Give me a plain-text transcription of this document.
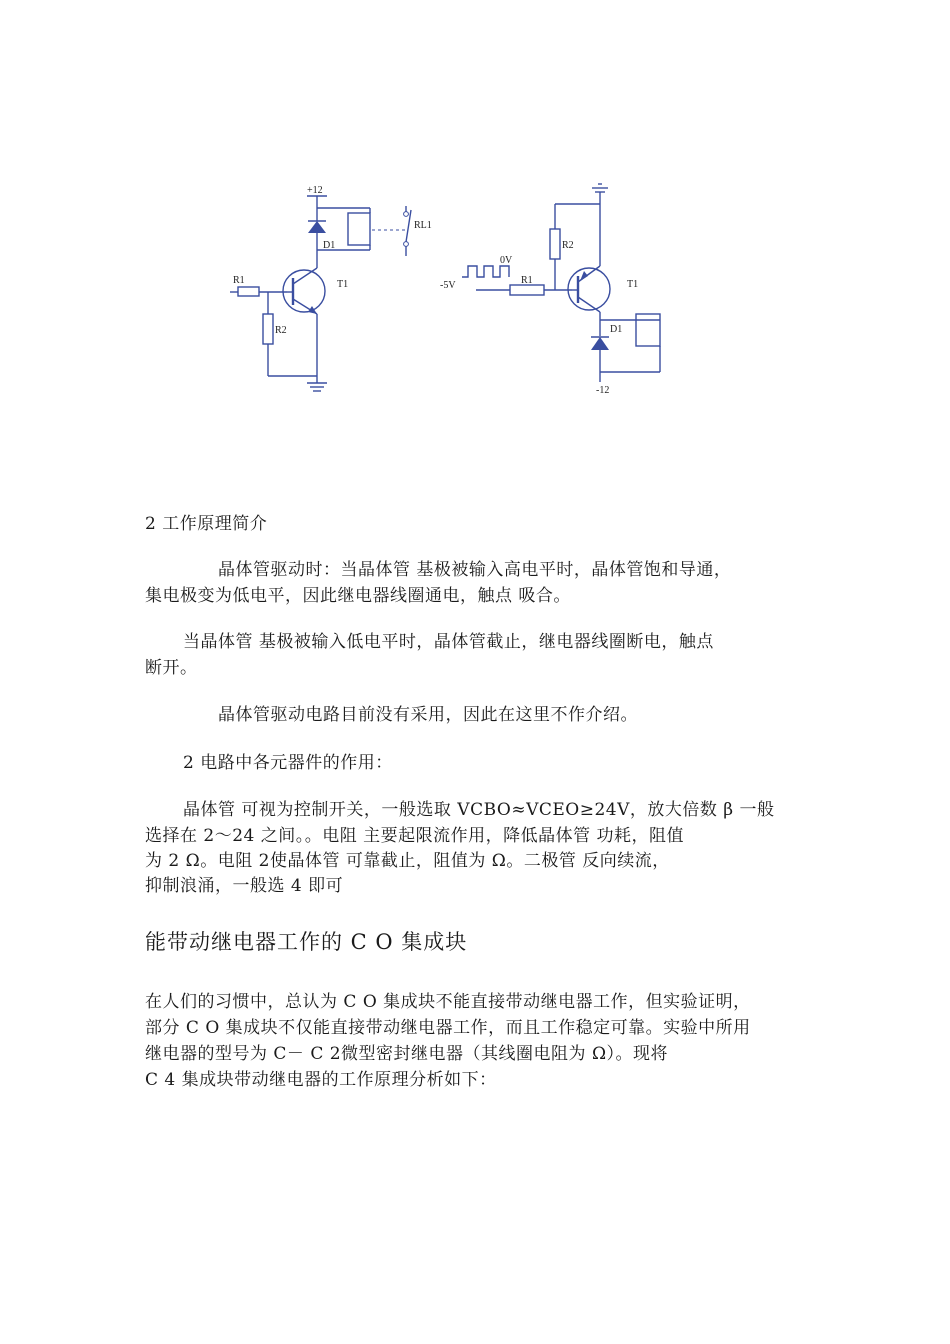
+12
D1
RL1
R1	T1
R2
R2
-5V
0V
R1	T1
D1
-12
2 工作原理简介
晶体管驱动时：当晶体管 基极被输入高电平时，晶体管饱和导通，
集电极变为低电平，因此继电器线圈通电，触点 吸合。
当晶体管 基极被输入低电平时，晶体管截止，继电器线圈断电，触点
断开。
晶体管驱动电路目前没有采用，因此在这里不作介绍。
2 电路中各元器件的作用：
晶体管 可视为控制开关，一般选取 VCBO≈VCEO≥24V，放大倍数 β 一般
选择在 2～24 之间。。电阻 主要起限流作用，降低晶体管 功耗，阻值
为 2 Ω。电阻 2使晶体管 可靠截止，阻值为 Ω。二极管 反向续流，
抑制浪涌，一般选 4 即可
能带动继电器工作的 C O 集成块
在人们的习惯中，总认为 C O 集成块不能直接带动继电器工作，但实验证明，
部分 C O 集成块不仅能直接带动继电器工作，而且工作稳定可靠。实验中所用
继电器的型号为 C－ C 2微型密封继电器（其线圈电阻为 Ω）。现将
C 4 集成块带动继电器的工作原理分析如下：
